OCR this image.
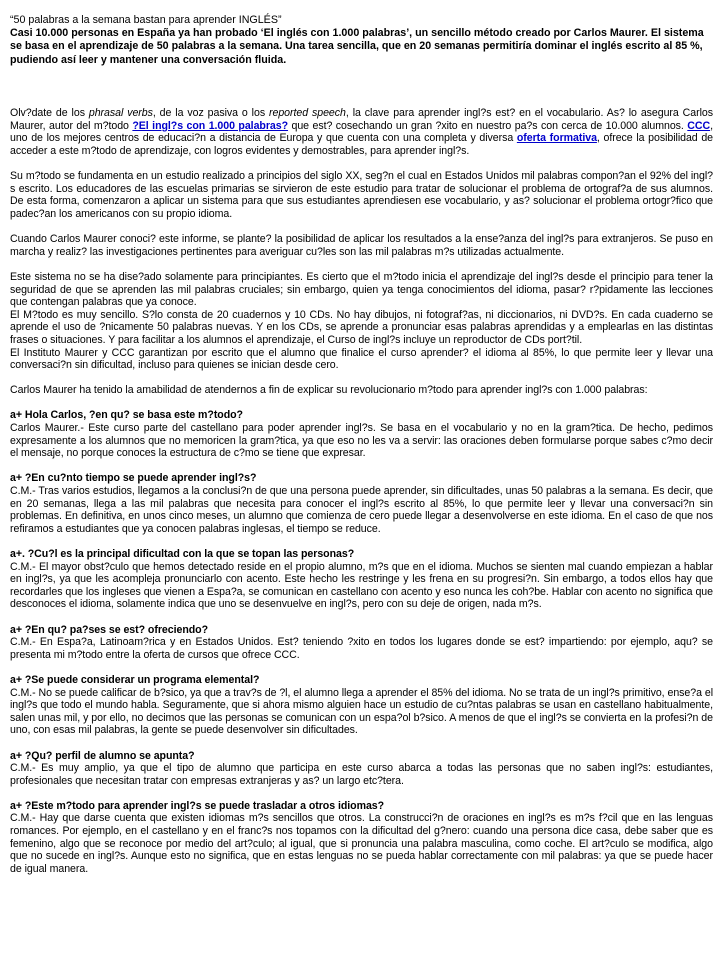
“50 palabras a la semana bastan para aprender INGLÉS”

Casi 10.000 personas en España ya han probado ‘El inglés con 1.000 palabras’, un sencillo método creado por Carlos Maurer. El sistema se basa en el aprendizaje de 50 palabras a la semana. Una tarea sencilla, que en 20 semanas permitiría dominar el inglés escrito al 85 %, pudiendo así leer y mantener una conversación fluida.

Olv?date de los phrasal verbs, de la voz pasiva o los reported speech, la clave para aprender ingl?s est? en el vocabulario. As? lo asegura Carlos Maurer, autor del m?todo ?El ingl?s con 1.000 palabras? que est? cosechando un gran ?xito en nuestro pa?s con cerca de 10.000 alumnos. CCC, uno de los mejores centros de educaci?n a distancia de Europa y que cuenta con una completa y diversa oferta formativa, ofrece la posibilidad de acceder a este m?todo de aprendizaje, con logros evidentes y demostrables, para aprender ingl?s.

Su m?todo se fundamenta en un estudio realizado a principios del siglo XX, seg?n el cual en Estados Unidos mil palabras compon?an el 92% del ingl?s escrito. Los educadores de las escuelas primarias se sirvieron de este estudio para tratar de solucionar el problema de ortograf?a de sus alumnos. De esta forma, comenzaron a aplicar un sistema para que sus estudiantes aprendiesen ese vocabulario, y as? solucionar el problema ortogr?fico que padec?an los americanos con su propio idioma.

Cuando Carlos Maurer conoci? este informe, se plante? la posibilidad de aplicar los resultados a la ense?anza del ingl?s para extranjeros. Se puso en marcha y realiz? las investigaciones pertinentes para averiguar cu?les son las mil palabras m?s utilizadas actualmente.

Este sistema no se ha dise?ado solamente para principiantes. Es cierto que el m?todo inicia el aprendizaje del ingl?s desde el principio para tener la seguridad de que se aprenden las mil palabras cruciales; sin embargo, quien ya tenga conocimientos del idioma, pasar? r?pidamente las lecciones que contengan palabras que ya conoce.

El M?todo es muy sencillo. S?lo consta de 20 cuadernos y 10 CDs. No hay dibujos, ni fotograf?as, ni diccionarios, ni DVD?s. En cada cuaderno se aprende el uso de ?nicamente 50 palabras nuevas. Y en los CDs, se aprende a pronunciar esas palabras aprendidas y a emplearlas en las distintas frases o situaciones. Y para facilitar a los alumnos el aprendizaje, el Curso de ingl?s incluye un reproductor de CDs port?til.

El Instituto Maurer y CCC garantizan por escrito que el alumno que finalice el curso aprender? el idioma al 85%, lo que permite leer y llevar una conversaci?n sin dificultad, incluso para quienes se inician desde cero.

Carlos Maurer ha tenido la amabilidad de atendernos a fin de explicar su revolucionario m?todo para aprender ingl?s con 1.000 palabras:

a+ Hola Carlos, ?en qu? se basa este m?todo?

Carlos Maurer.- Este curso parte del castellano para poder aprender ingl?s. Se basa en el vocabulario y no en la gram?tica. De hecho, pedimos expresamente a los alumnos que no memoricen la gram?tica, ya que eso no les va a servir: las oraciones deben formularse porque sabes c?mo decir el mensaje, no porque conoces la estructura de c?mo se tiene que expresar.

a+ ?En cu?nto tiempo se puede aprender ingl?s?

C.M.- Tras varios estudios, llegamos a la conclusi?n de que una persona puede aprender, sin dificultades, unas 50 palabras a la semana. Es decir, que en 20 semanas, llega a las mil palabras que necesita para conocer el ingl?s escrito al 85%, lo que permite leer y llevar una conversaci?n sin problemas. En definitiva, en unos cinco meses, un alumno que comienza de cero puede llegar a desenvolverse en este idioma. En el caso de que nos refiramos a estudiantes que ya conocen palabras inglesas, el tiempo se reduce.

a+. ?Cu?l es la principal dificultad con la que se topan las personas?

C.M.- El mayor obst?culo que hemos detectado reside en el propio alumno, m?s que en el idioma. Muchos se sienten mal cuando empiezan a hablar en ingl?s, ya que les acompleja pronunciarlo con acento. Este hecho les restringe y les frena en su progresi?n. Sin embargo, a todos ellos hay que recordarles que los ingleses que vienen a Espa?a, se comunican en castellano con acento y eso nunca les coh?be. Hablar con acento no significa que desconoces el idioma, solamente indica que uno se desenvuelve en ingl?s, pero con su deje de origen, nada m?s.

a+ ?En qu? pa?ses se est? ofreciendo?

C.M.- En Espa?a, Latinoam?rica y en Estados Unidos. Est? teniendo ?xito en todos los lugares donde se est? impartiendo: por ejemplo, aqu? se presenta mi m?todo entre la oferta de cursos que ofrece CCC.

a+ ?Se puede considerar un programa elemental?

C.M.- No se puede calificar de b?sico, ya que a trav?s de ?l, el alumno llega a aprender el 85% del idioma. No se trata de un ingl?s primitivo, ense?a el ingl?s que todo el mundo habla. Seguramente, que si ahora mismo alguien hace un estudio de cu?ntas palabras se usan en castellano habitualmente, salen unas mil, y por ello, no decimos que las personas se comunican con un espa?ol b?sico. A menos de que el ingl?s se convierta en la profesi?n de uno, con esas mil palabras, la gente se puede desenvolver sin dificultades.

a+ ?Qu? perfil de alumno se apunta?

C.M.- Es muy amplio, ya que el tipo de alumno que participa en este curso abarca a todas las personas que no saben ingl?s: estudiantes, profesionales que necesitan tratar con empresas extranjeras y as? un largo etc?tera.

a+ ?Este m?todo para aprender ingl?s se puede trasladar a otros idiomas?

C.M.- Hay que darse cuenta que existen idiomas m?s sencillos que otros. La construcci?n de oraciones en ingl?s es m?s f?cil que en las lenguas romances. Por ejemplo, en el castellano y en el franc?s nos topamos con la dificultad del g?nero: cuando una persona dice casa, debe saber que es femenino, algo que se reconoce por medio del art?culo; al igual, que si pronuncia una palabra masculina, como coche. El art?culo se modifica, algo que no sucede en ingl?s. Aunque esto no significa, que en estas lenguas no se pueda hablar correctamente con mil palabras: ya que se puede hacer de igual manera.
